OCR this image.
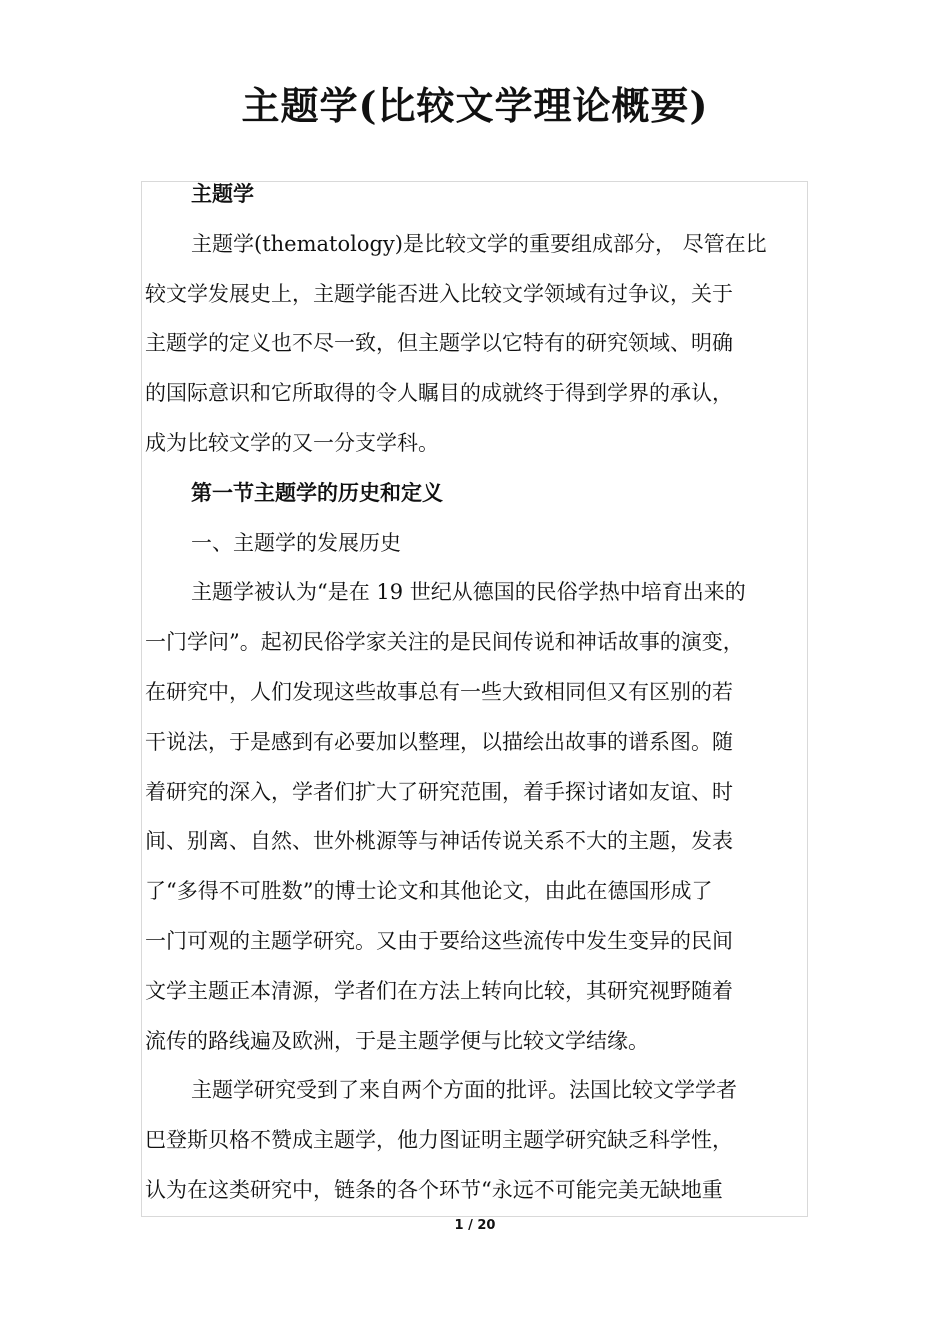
主题学(比较文学理论概要)
主题学
主题学(thematology)是比较文学的重要组成部分， 尽管在比
较文学发展史上，主题学能否进入比较文学领域有过争议，关于
主题学的定义也不尽一致，但主题学以它特有的研究领域、明确
的国际意识和它所取得的令人瞩目的成就终于得到学界的承认，
成为比较文学的又一分支学科。
第一节主题学的历史和定义
一、主题学的发展历史
主题学被认为“是在 19 世纪从德国的民俗学热中培育出来的
一门学问”。起初民俗学家关注的是民间传说和神话故事的演变，
在研究中，人们发现这些故事总有一些大致相同但又有区别的若
干说法，于是感到有必要加以整理，以描绘出故事的谱系图。随
着研究的深入，学者们扩大了研究范围，着手探讨诸如友谊、时
间、别离、自然、世外桃源等与神话传说关系不大的主题，发表
了“多得不可胜数”的博士论文和其他论文，由此在德国形成了
一门可观的主题学研究。又由于要给这些流传中发生变异的民间
文学主题正本清源，学者们在方法上转向比较，其研究视野随着
流传的路线遍及欧洲，于是主题学便与比较文学结缘。
主题学研究受到了来自两个方面的批评。法国比较文学学者
巴登斯贝格不赞成主题学，他力图证明主题学研究缺乏科学性，
认为在这类研究中，链条的各个环节“永远不可能完美无缺地重
1 / 20
